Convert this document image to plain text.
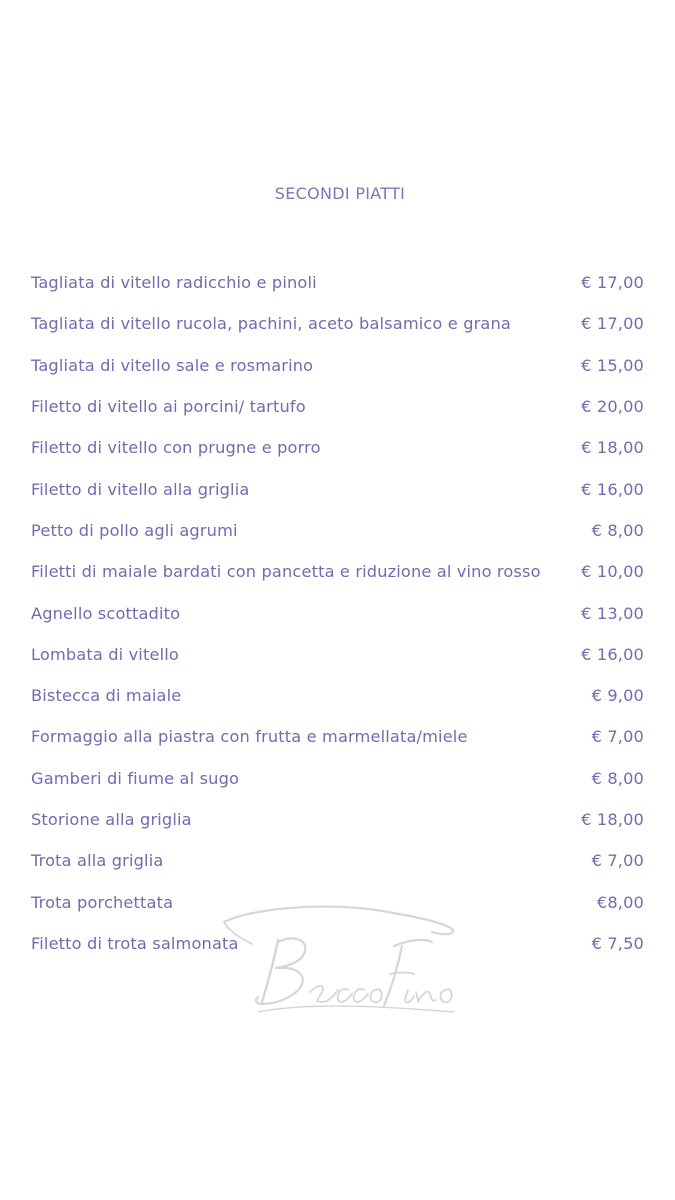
SECONDI PIATTI
Tagliata di vitello radicchio e pinoli	€ 17,00
Tagliata di vitello rucola, pachini, aceto balsamico e grana	€ 17,00
Tagliata di vitello sale e rosmarino	€ 15,00
Filetto di vitello ai porcini/ tartufo	€ 20,00
Filetto di vitello con prugne e porro	€ 18,00
Filetto di vitello alla griglia	€ 16,00
Petto di pollo agli agrumi	€ 8,00
Filetti di maiale bardati con pancetta e riduzione al vino rosso	€ 10,00
Agnello scottadito	€ 13,00
Lombata di vitello	€ 16,00
Bistecca di maiale	€ 9,00
Formaggio alla piastra con frutta e marmellata/miele	€ 7,00
Gamberi di fiume al sugo	€ 8,00
Storione alla griglia	€ 18,00
Trota alla griglia	€ 7,00
Trota porchettata	€8,00
Filetto di trota salmonata	€ 7,50
